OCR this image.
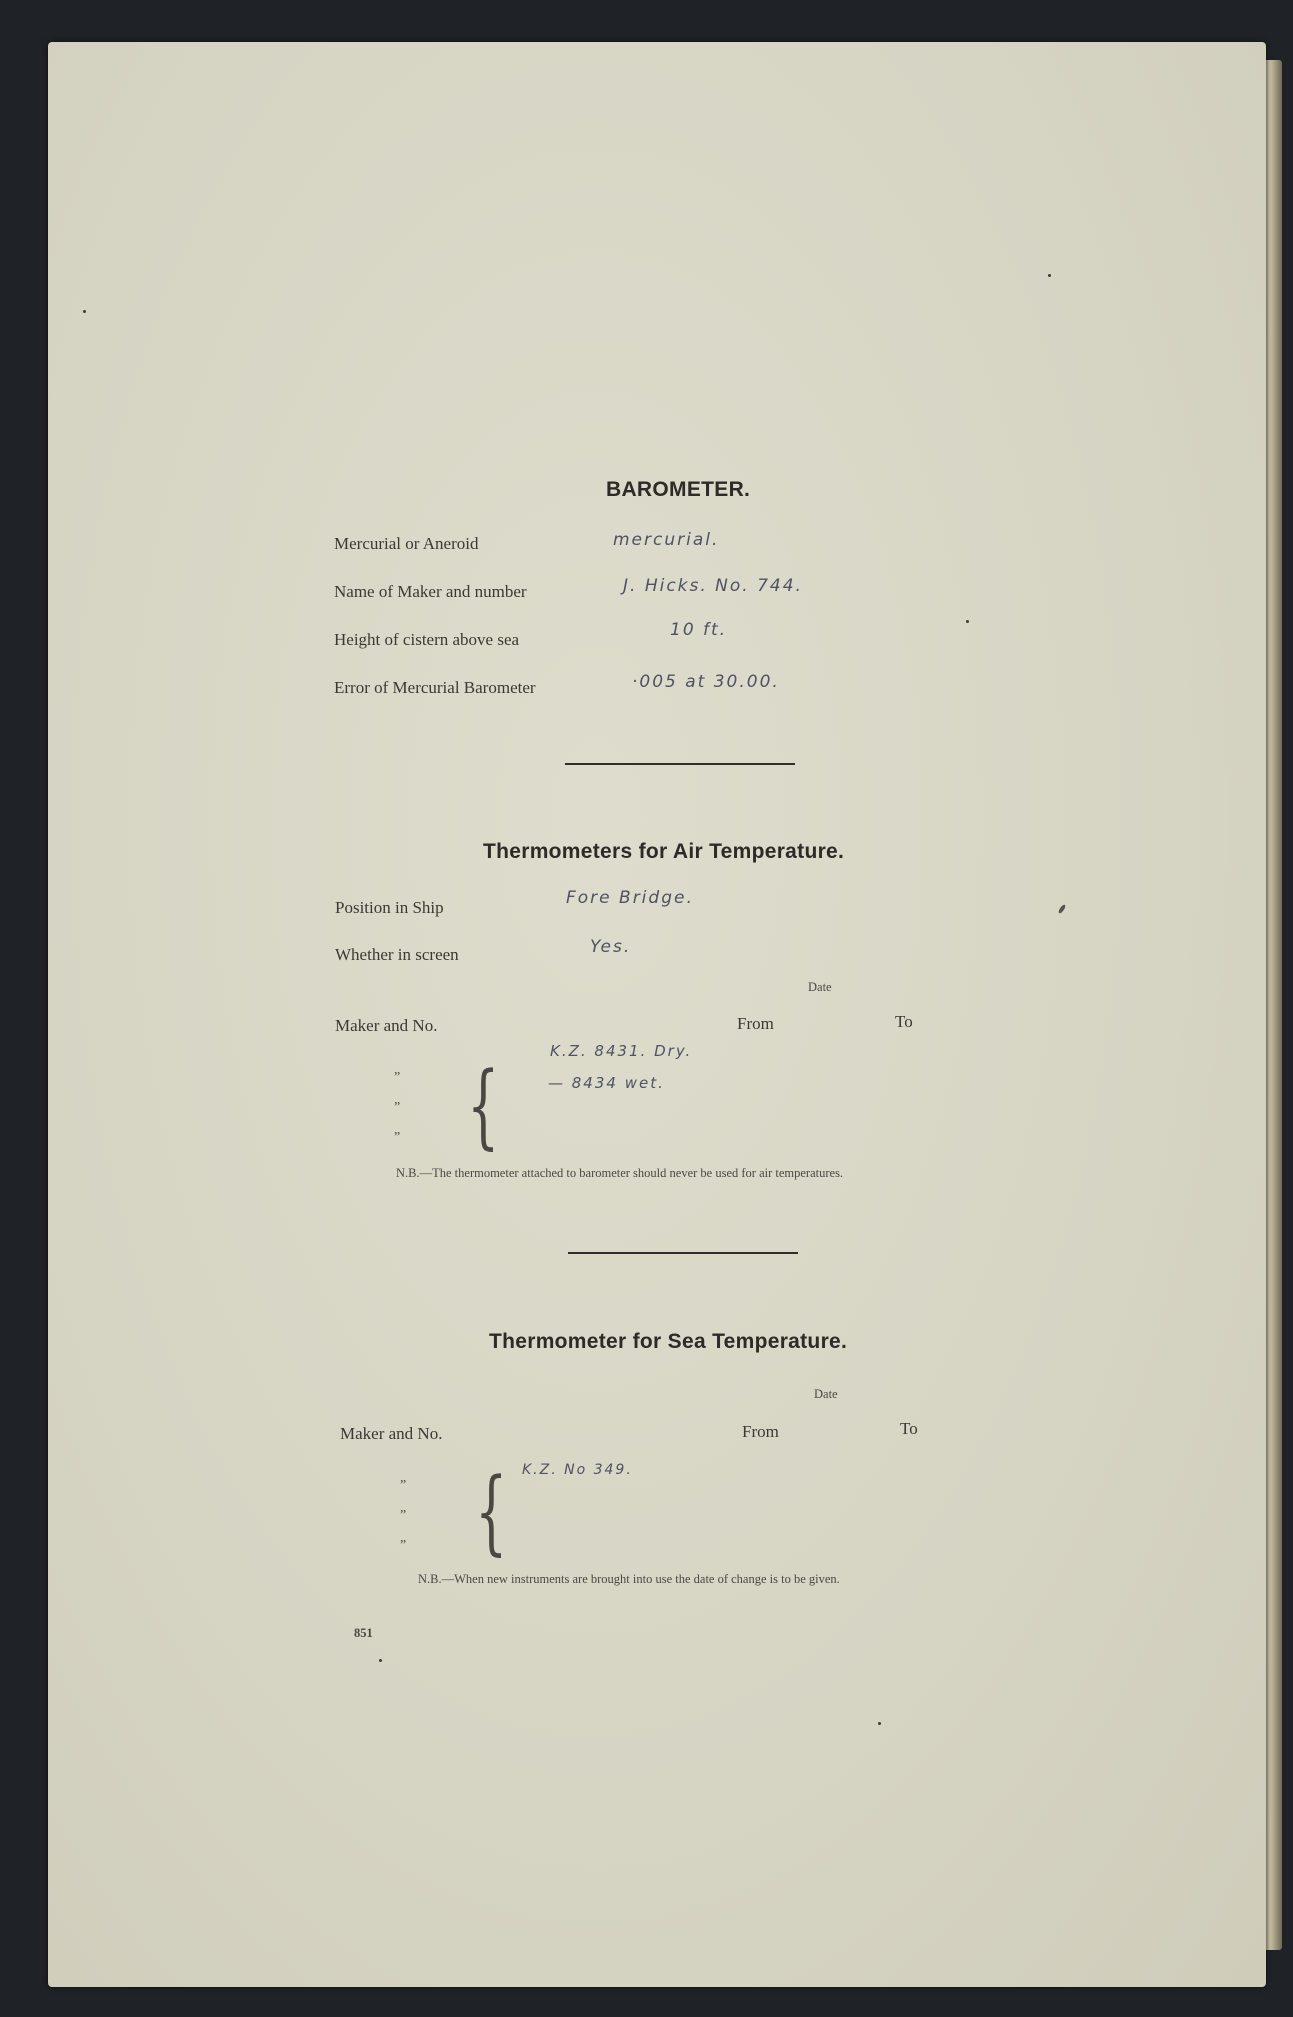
BAROMETER.
Mercurial or Aneroid	mercurial.
Name of Maker and number	J. Hicks. No. 744.
Height of cistern above sea	10 ft.
Error of Mercurial Barometer	·005 at 30.00.
Thermometers for Air Temperature.
Position in Ship	Fore Bridge.
Whether in screen	Yes.
Date
Maker and No.	From	To
”
”
” {
K.Z. 8431. Dry.
— 8434 wet.
N.B.—The thermometer attached to barometer should never be used for air temperatures.
Thermometer for Sea Temperature.
Date
Maker and No.	From	To
”
”
” { K.Z. No 349.
N.B.—When new instruments are brought into use the date of change is to be given.
851
